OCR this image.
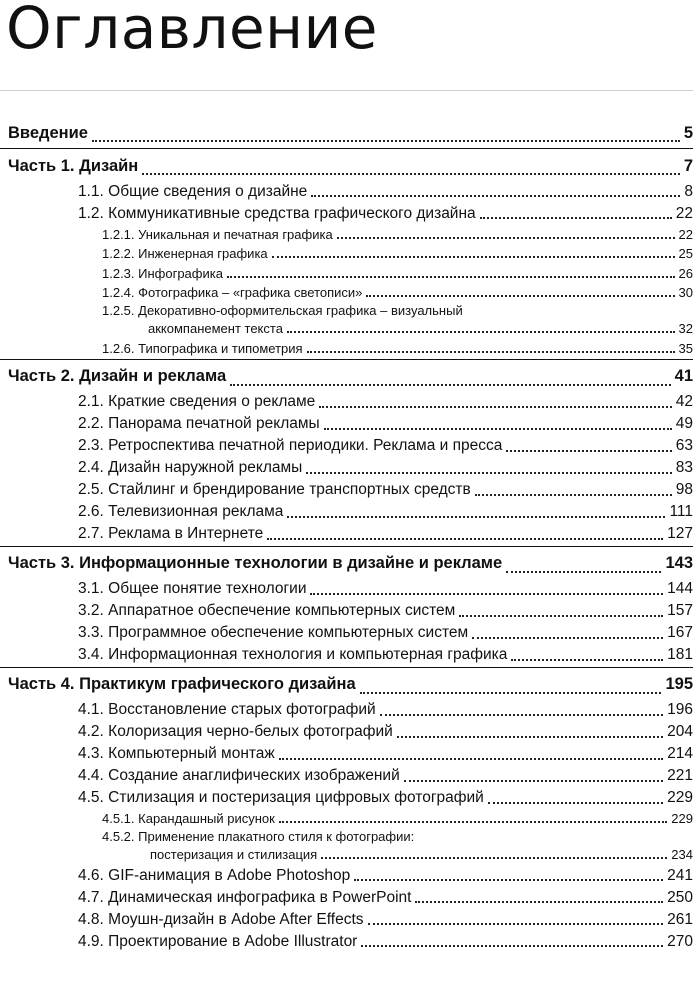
Оглавление
Введение	5
Часть 1. Дизайн	7
1.1. Общие сведения о дизайне	8
1.2. Коммуникативные средства графического дизайна	22
1.2.1. Уникальная и печатная графика	22
1.2.2. Инженерная графика	25
1.2.3. Инфографика	26
1.2.4. Фотографика – «графика светописи»	30
1.2.5. Декоративно-оформительская графика – визуальный
аккомпанемент текста	32
1.2.6. Типографика и типометрия	35
Часть 2. Дизайн и реклама	41
2.1. Краткие сведения о рекламе	42
2.2. Панорама печатной рекламы	49
2.3. Ретроспектива печатной периодики. Реклама и пресса	63
2.4. Дизайн наружной рекламы	83
2.5. Стайлинг и брендирование транспортных средств	98
2.6. Телевизионная реклама	111
2.7. Реклама в Интернете	127
Часть 3. Информационные технологии в дизайне и рекламе	143
3.1. Общее понятие технологии	144
3.2. Аппаратное обеспечение компьютерных систем	157
3.3. Программное обеспечение компьютерных систем	167
3.4. Информационная технология и компьютерная графика	181
Часть 4. Практикум графического дизайна	195
4.1. Восстановление старых фотографий	196
4.2. Колоризация черно-белых фотографий	204
4.3. Компьютерный монтаж	214
4.4. Создание анаглифических изображений	221
4.5. Стилизация и постеризация цифровых фотографий	229
4.5.1. Карандашный рисунок	229
4.5.2. Применение плакатного стиля к фотографии:
постеризация и стилизация	234
4.6. GIF-анимация в Adobe Photoshop	241
4.7. Динамическая инфографика в PowerPoint	250
4.8. Моушн-дизайн в Adobe After Effects	261
4.9. Проектирование в Adobe Illustrator	270
